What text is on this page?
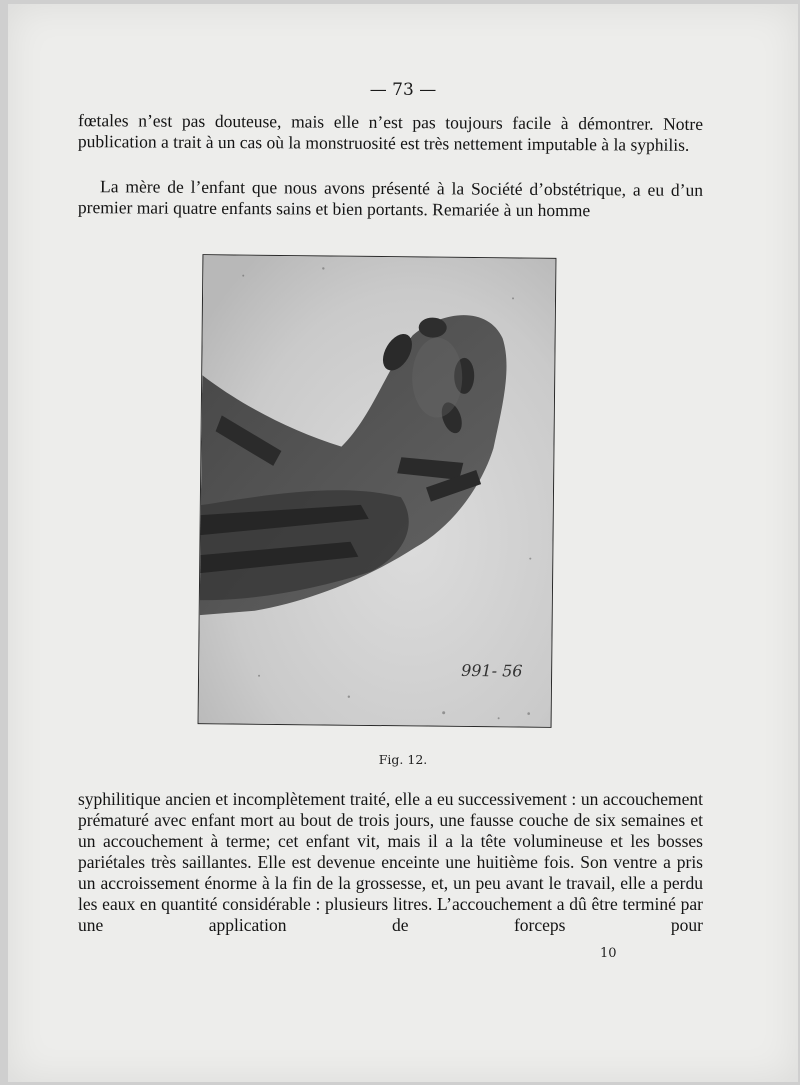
— 73 —
fœtales n’est pas douteuse, mais elle n’est pas toujours facile à démontrer. Notre publication a trait à un cas où la monstruosité est très nettement imputable à la syphilis.
La mère de l’enfant que nous avons présenté à la Société d’obstétrique, a eu d’un premier mari quatre enfants sains et bien portants. Remariée à un homme
991- 56
Fig. 12.
syphilitique ancien et incomplètement traité, elle a eu successivement : un accouchement prématuré avec enfant mort au bout de trois jours, une fausse couche de six semaines et un accouchement à terme; cet enfant vit, mais il a la tête volumineuse et les bosses pariétales très saillantes. Elle est devenue enceinte une huitième fois. Son ventre a pris un accroissement énorme à la fin de la grossesse, et, un peu avant le travail, elle a perdu les eaux en quantité considérable : plusieurs litres. L’accouchement a dû être terminé par une application de forceps pour
10
